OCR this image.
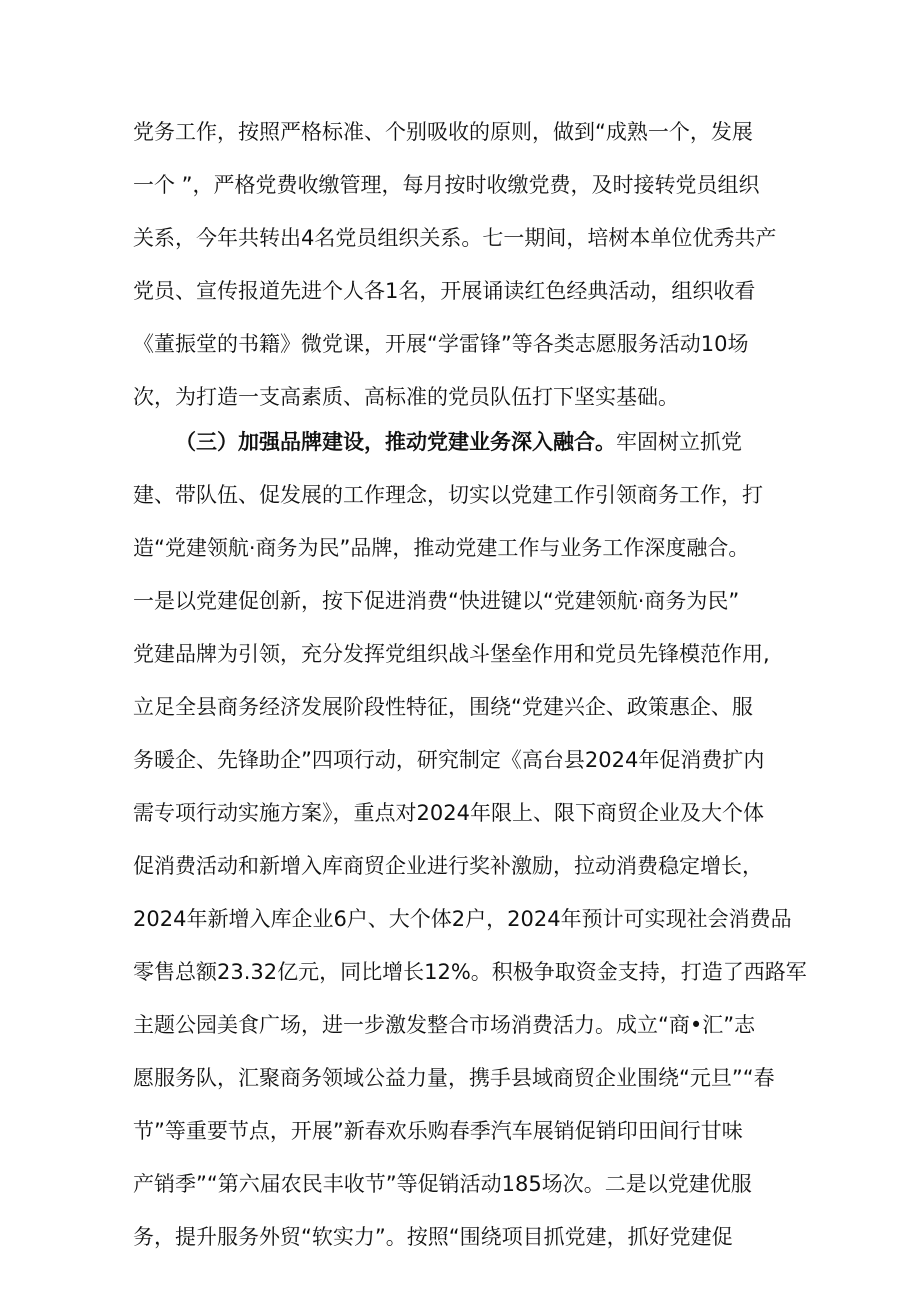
党务工作，按照严格标准、个别吸收的原则，做到“成熟一个，发展
一个 ”，严格党费收缴管理，每月按时收缴党费，及时接转党员组织
关系，今年共转出4名党员组织关系。七一期间，培树本单位优秀共产
党员、宣传报道先进个人各1名，开展诵读红色经典活动，组织收看
《董振堂的书籍》微党课，开展“学雷锋”等各类志愿服务活动10场
次，为打造一支高素质、高标准的党员队伍打下坚实基础。
（三）加强品牌建设，推动党建业务深入融合。牢固树立抓党
建、带队伍、促发展的工作理念，切实以党建工作引领商务工作，打
造“党建领航·商务为民”品牌，推动党建工作与业务工作深度融合。
一是以党建促创新，按下促进消费“快进键以“党建领航·商务为民”
党建品牌为引领，充分发挥党组织战斗堡垒作用和党员先锋模范作用,
立足全县商务经济发展阶段性特征，围绕“党建兴企、政策惠企、服
务暖企、先锋助企”四项行动，研究制定《高台县2024年促消费扩内
需专项行动实施方案》，重点对2024年限上、限下商贸企业及大个体
促消费活动和新增入库商贸企业进行奖补激励，拉动消费稳定增长，
2024年新增入库企业6户、大个体2户，2024年预计可实现社会消费品
零售总额23.32亿元，同比增长12%。积极争取资金支持，打造了西路军
主题公园美食广场，进一步激发整合市场消费活力。成立“商•汇”志
愿服务队，汇聚商务领域公益力量，携手县域商贸企业围绕“元旦”“春
节”等重要节点，开展”新春欢乐购春季汽车展销促销印田间行甘味
产销季”“第六届农民丰收节”等促销活动185场次。二是以党建优服
务，提升服务外贸“软实力”。按照“围绕项目抓党建，抓好党建促
